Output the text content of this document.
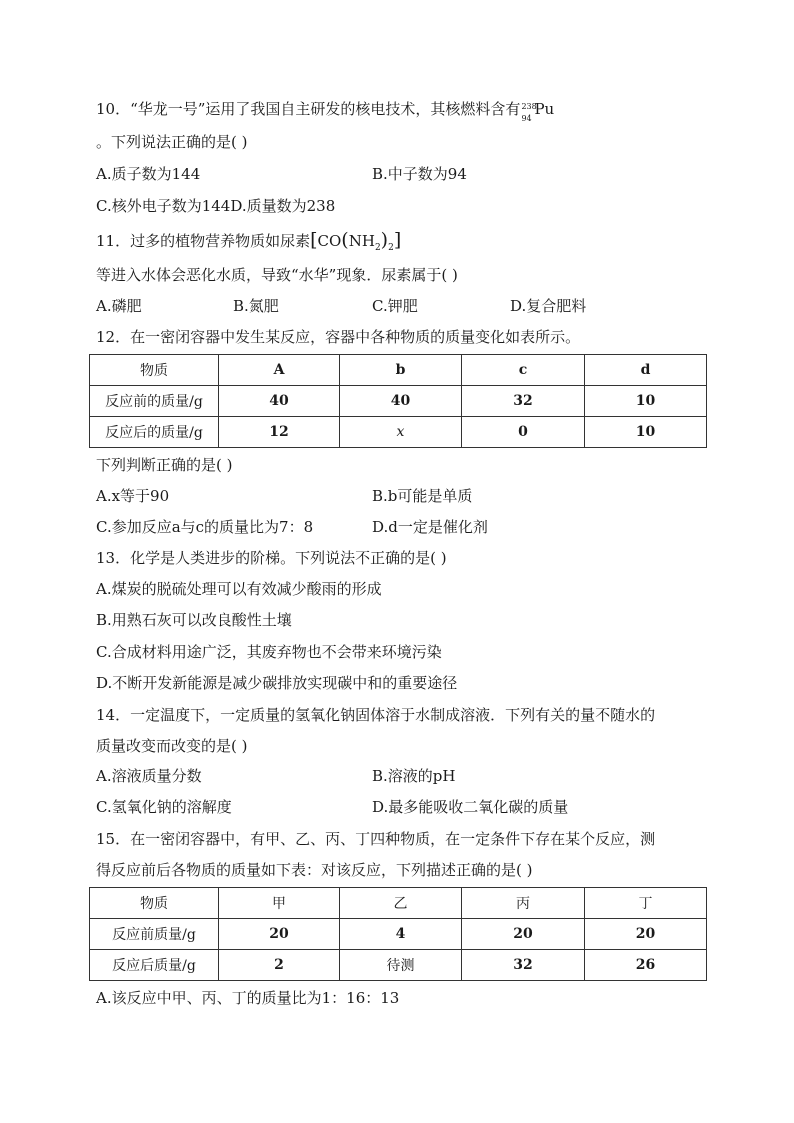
10．“华龙一号”运用了我国自主研发的核电技术，其核燃料含有 238
94
Pu
。下列说法正确的是( )
A.质子数为144	B.中子数为94
C.核外电子数为144D.质量数为238
11．过多的植物营养物质如尿素$[CO(NH_2)_2]$
等进入水体会恶化水质，导致“水华”现象．尿素属于( )
A.磷肥	B.氮肥	C.钾肥	D.复合肥料
12．在一密闭容器中发生某反应，容器中各种物质的质量变化如表所示。
物质	A	b	c	d
反应前的质量/g	40	40	32	10
反应后的质量/g	12	x	0	10
下列判断正确的是( )
A.x等于90	B.b可能是单质
C.参加反应a与c的质量比为7：8	D.d一定是催化剂
13．化学是人类进步的阶梯。下列说法不正确的是( )
A.煤炭的脱硫处理可以有效减少酸雨的形成
B.用熟石灰可以改良酸性土壤
C.合成材料用途广泛，其废弃物也不会带来环境污染
D.不断开发新能源是减少碳排放实现碳中和的重要途径
14．一定温度下，一定质量的氢氧化钠固体溶于水制成溶液．下列有关的量不随水的
质量改变而改变的是( )
A.溶液质量分数	B.溶液的pH
C.氢氧化钠的溶解度	D.最多能吸收二氧化碳的质量
15．在一密闭容器中，有甲、乙、丙、丁四种物质，在一定条件下存在某个反应，测
得反应前后各物质的质量如下表：对该反应，下列描述正确的是( )
物质	甲	乙	丙	丁
反应前质量/g	20	4	20	20
反应后质量/g	2	待测	32	26
A.该反应中甲、丙、丁的质量比为1：16：13
